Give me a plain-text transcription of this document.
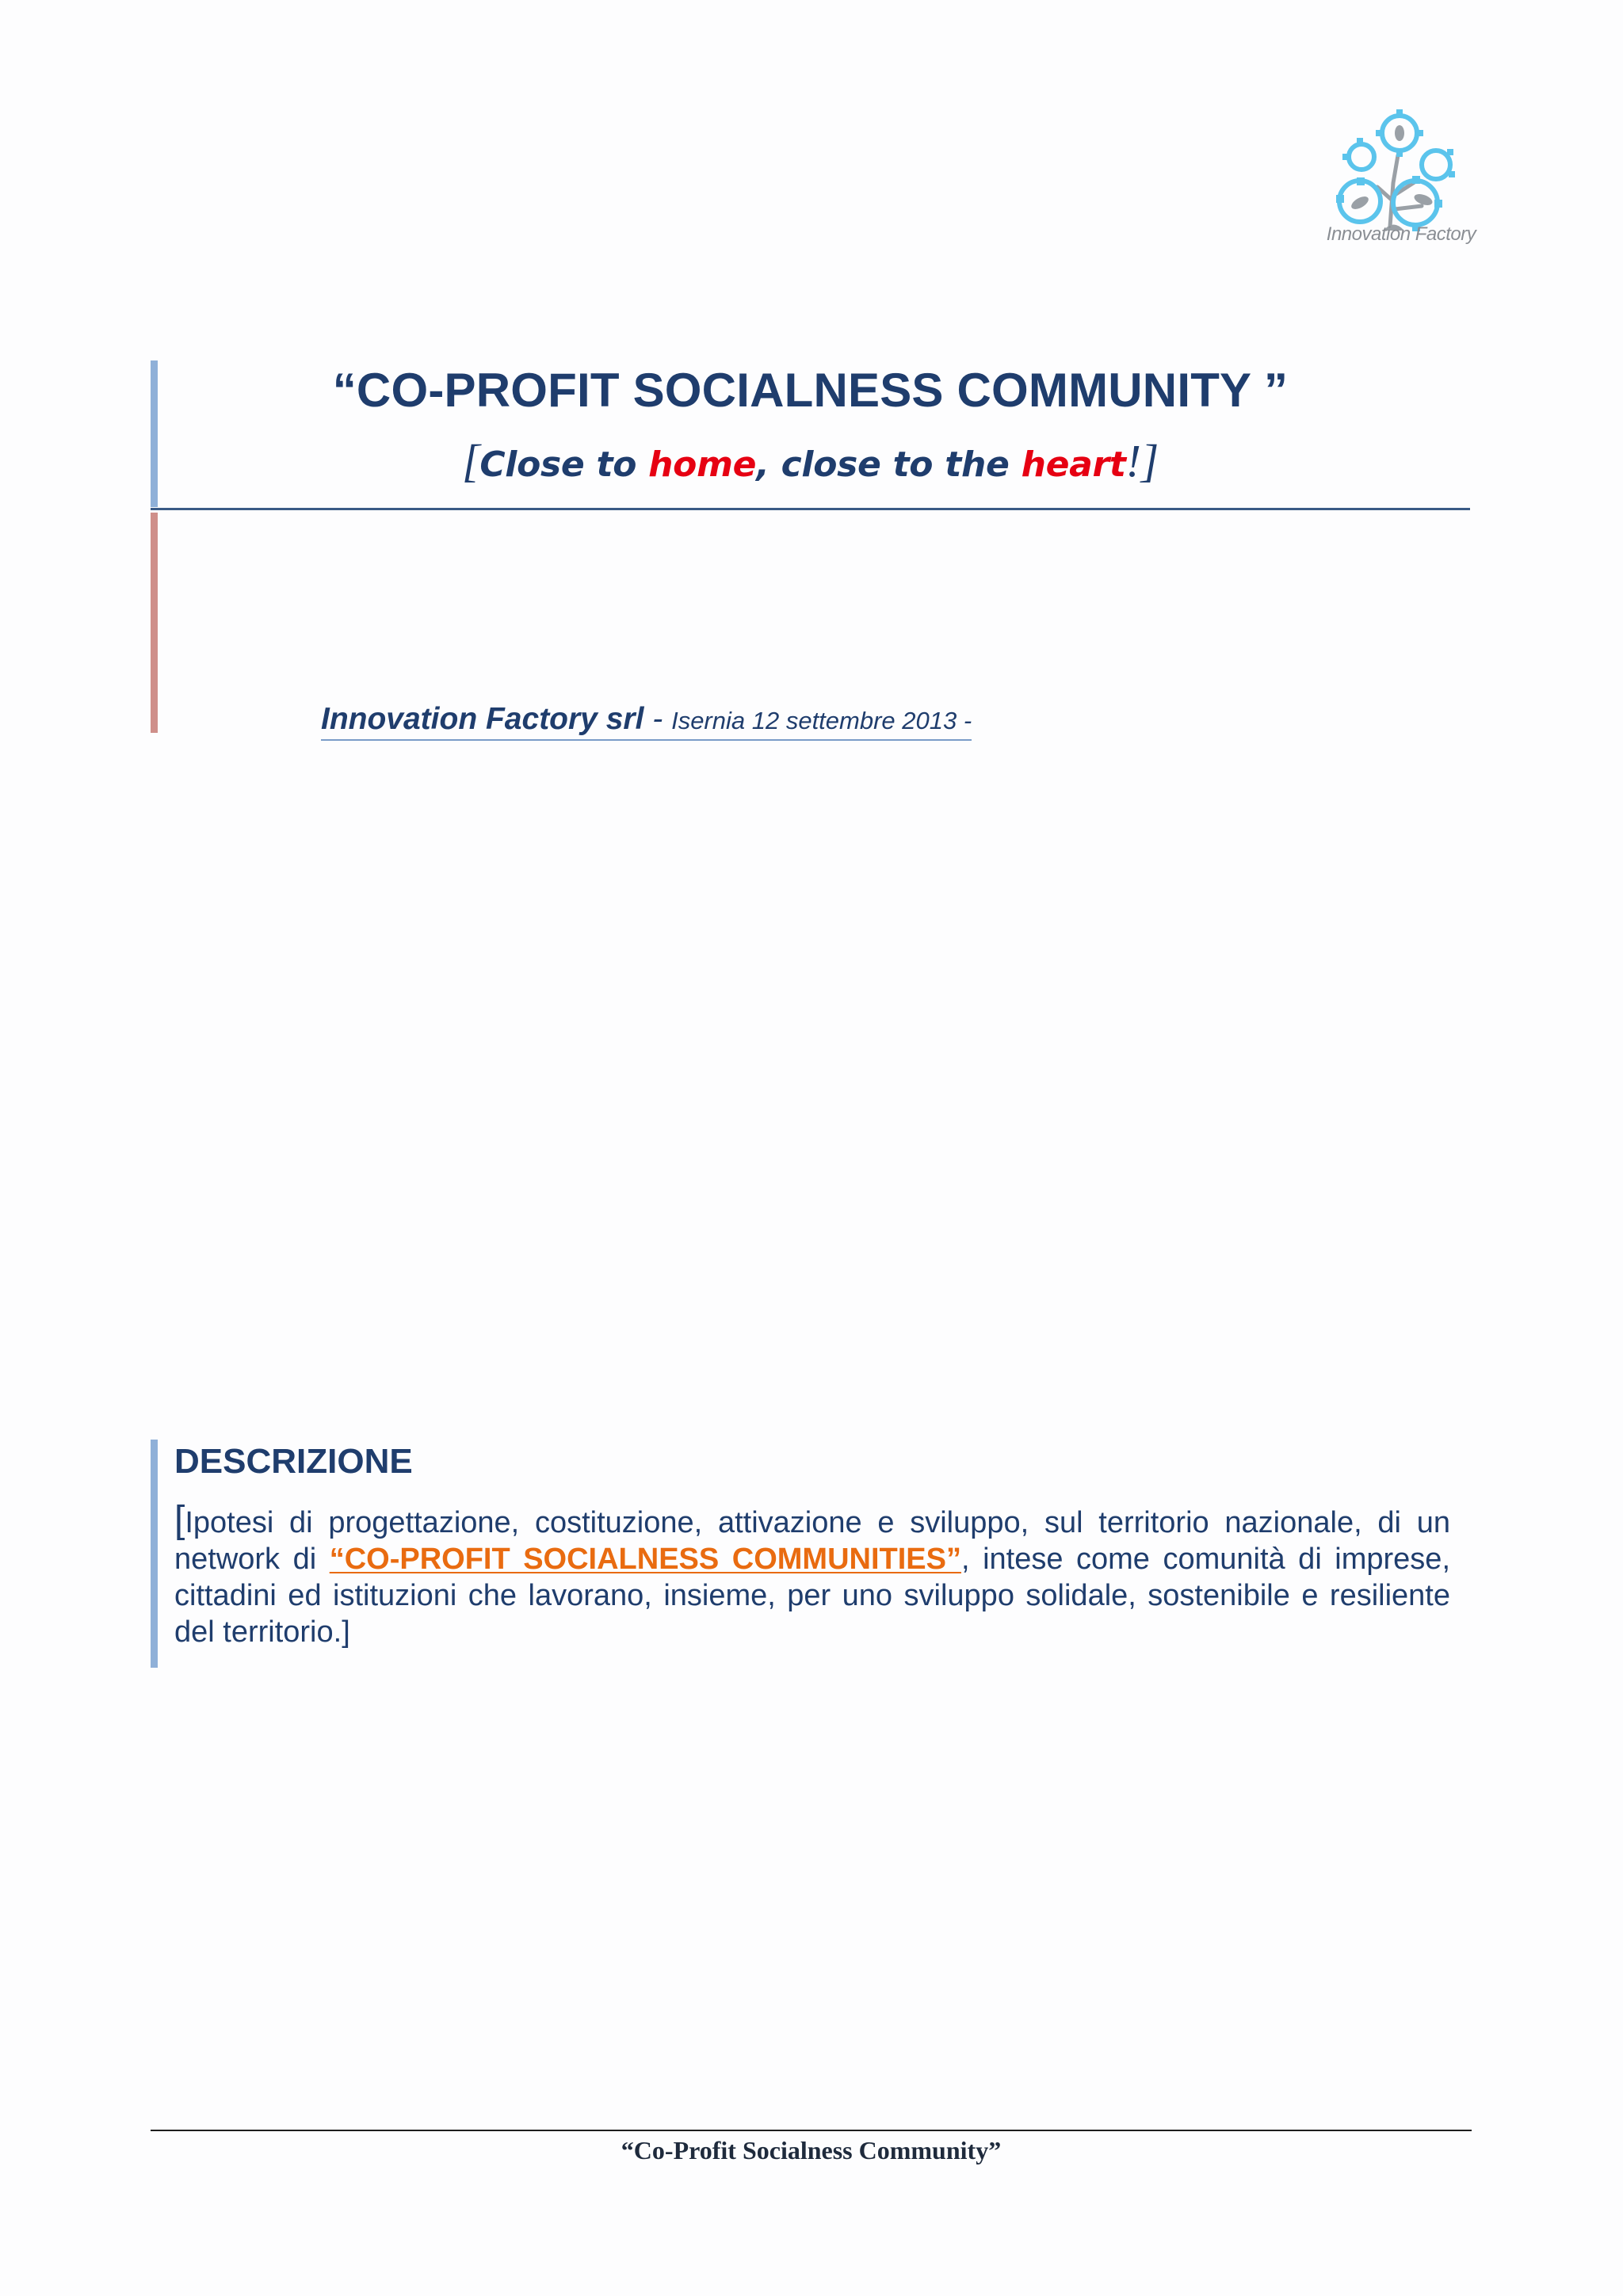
Innovation Factory
“CO-PROFIT SOCIALNESS COMMUNITY ”
[Close to home, close to the heart!]
Innovation Factory srl - Isernia 12 settembre 2013 -
DESCRIZIONE
[Ipotesi di progettazione, costituzione, attivazione e sviluppo, sul territorio nazionale, di un network di “CO-PROFIT SOCIALNESS COMMUNITIES”, intese come comunità di imprese, cittadini ed istituzioni che lavorano, insieme, per uno sviluppo solidale, sostenibile e resiliente del territorio.]
“Co-Profit Socialness Community”
